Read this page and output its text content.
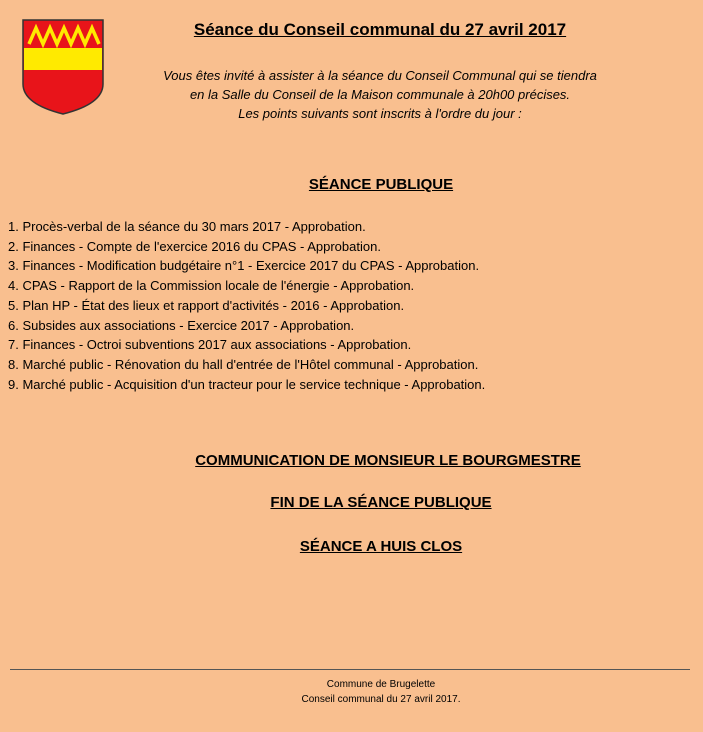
Séance du Conseil communal du 27 avril 2017
Vous êtes invité à assister à la séance du Conseil Communal qui se tiendra
en la Salle du Conseil de la Maison communale à 20h00 précises.
Les points suivants sont inscrits à l'ordre du jour :
SÉANCE PUBLIQUE
1. Procès-verbal de la séance du 30 mars 2017 - Approbation.
2. Finances - Compte de l'exercice 2016 du CPAS - Approbation.
3. Finances - Modification budgétaire n°1 - Exercice 2017 du CPAS - Approbation.
4. CPAS - Rapport de la Commission locale de l'énergie - Approbation.
5. Plan HP - État des lieux et rapport d'activités - 2016 - Approbation.
6. Subsides aux associations - Exercice 2017 - Approbation.
7. Finances - Octroi subventions 2017 aux associations - Approbation.
8. Marché public - Rénovation du hall d'entrée de l'Hôtel communal - Approbation.
9. Marché public - Acquisition d'un tracteur pour le service technique - Approbation.
COMMUNICATION DE MONSIEUR LE BOURGMESTRE
FIN DE LA SÉANCE PUBLIQUE
SÉANCE A HUIS CLOS
Commune de Brugelette
Conseil communal du 27 avril 2017.
